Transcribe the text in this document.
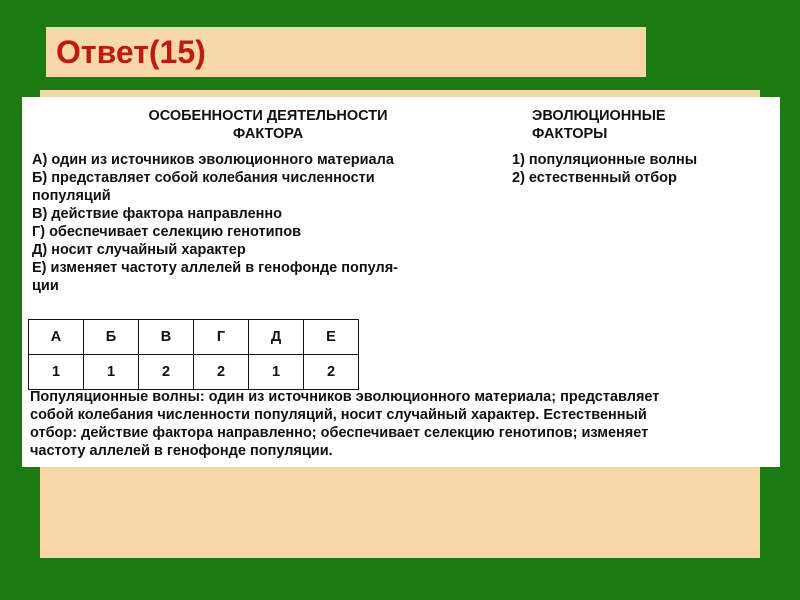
Ответ(15)
ОСОБЕННОСТИ ДЕЯТЕЛЬНОСТИ
ФАКТОРА
ЭВОЛЮЦИОННЫЕ
ФАКТОРЫ
А) один из источников эволюционного материала
Б) представляет собой колебания численности
популяций
В) действие фактора направленно
Г) обеспечивает селекцию генотипов
Д) носит случайный характер
Е) изменяет частоту аллелей в генофонде популя-
ции
1) популяционные волны
2) естественный отбор
А	Б	В	Г	Д	Е
1	1	2	2	1	2
Популяционные волны: один из источников эволюционного материала; представляет
собой колебания численности популяций, носит случайный характер. Естественный
отбор: действие фактора направленно; обеспечивает селекцию генотипов; изменяет
частоту аллелей в генофонде популяции.
